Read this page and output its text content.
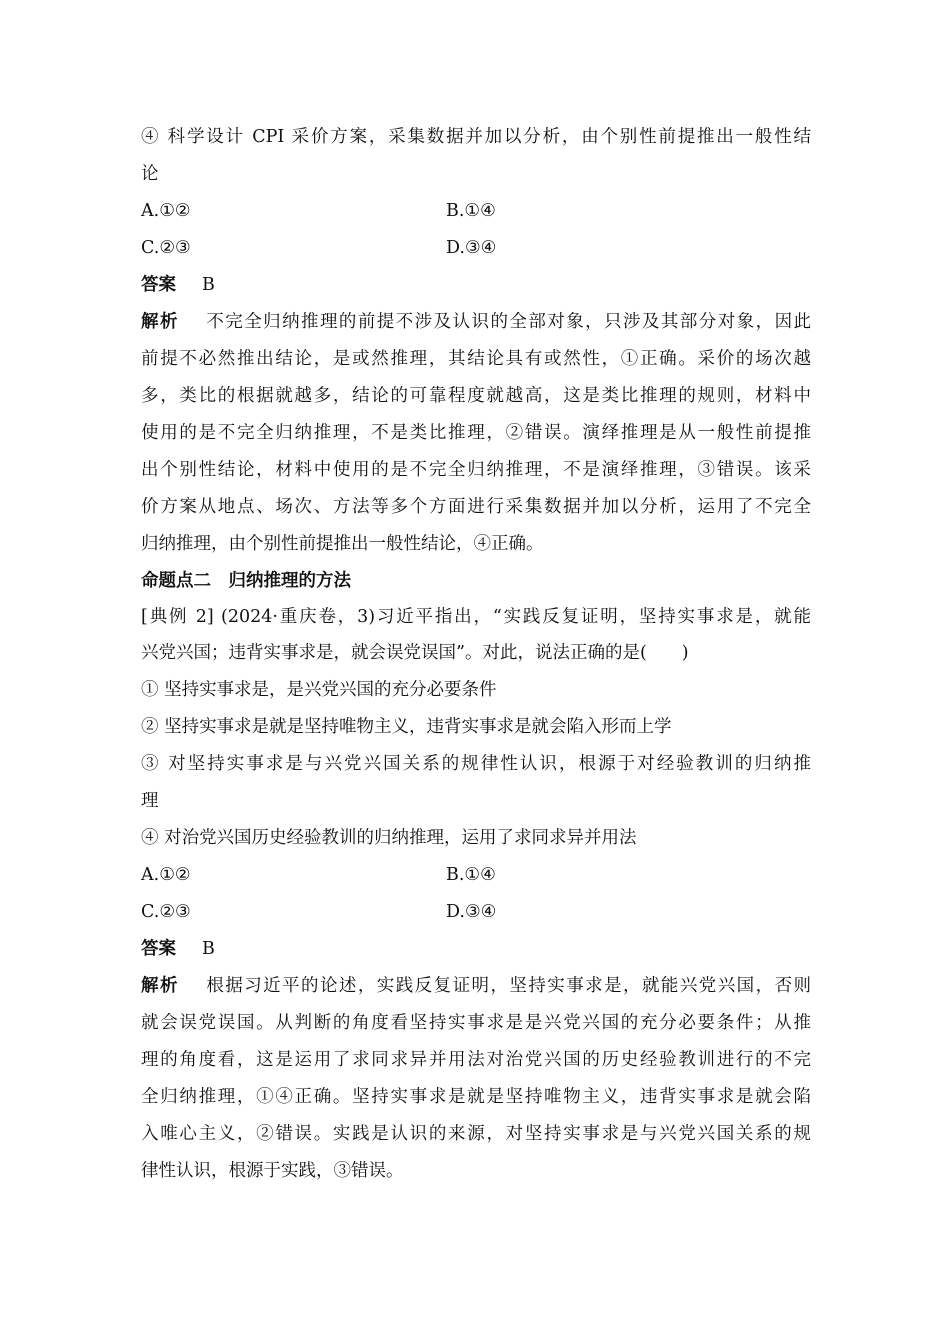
④ 科学设计 CPI 采价方案，采集数据并加以分析，由个别性前提推出一般性结
论
A.①②	B.①④
C.②③	D.③④
答案 B
解析 不完全归纳推理的前提不涉及认识的全部对象，只涉及其部分对象，因此
前提不必然推出结论，是或然推理，其结论具有或然性，①正确。采价的场次越
多，类比的根据就越多，结论的可靠程度就越高，这是类比推理的规则，材料中
使用的是不完全归纳推理，不是类比推理，②错误。演绎推理是从一般性前提推
出个别性结论，材料中使用的是不完全归纳推理，不是演绎推理，③错误。该采
价方案从地点、场次、方法等多个方面进行采集数据并加以分析，运用了不完全
归纳推理，由个别性前提推出一般性结论，④正确。
命题点二　归纳推理的方法
[典例 2] (2024·重庆卷，3)习近平指出，“实践反复证明，坚持实事求是，就能
兴党兴国；违背实事求是，就会误党误国”。对此，说法正确的是(　　)
① 坚持实事求是，是兴党兴国的充分必要条件
② 坚持实事求是就是坚持唯物主义，违背实事求是就会陷入形而上学
③ 对坚持实事求是与兴党兴国关系的规律性认识，根源于对经验教训的归纳推
理
④ 对治党兴国历史经验教训的归纳推理，运用了求同求异并用法
A.①②	B.①④
C.②③	D.③④
答案 B
解析 根据习近平的论述，实践反复证明，坚持实事求是，就能兴党兴国，否则
就会误党误国。从判断的角度看坚持实事求是是兴党兴国的充分必要条件；从推
理的角度看，这是运用了求同求异并用法对治党兴国的历史经验教训进行的不完
全归纳推理，①④正确。坚持实事求是就是坚持唯物主义，违背实事求是就会陷
入唯心主义，②错误。实践是认识的来源，对坚持实事求是与兴党兴国关系的规
律性认识，根源于实践，③错误。
